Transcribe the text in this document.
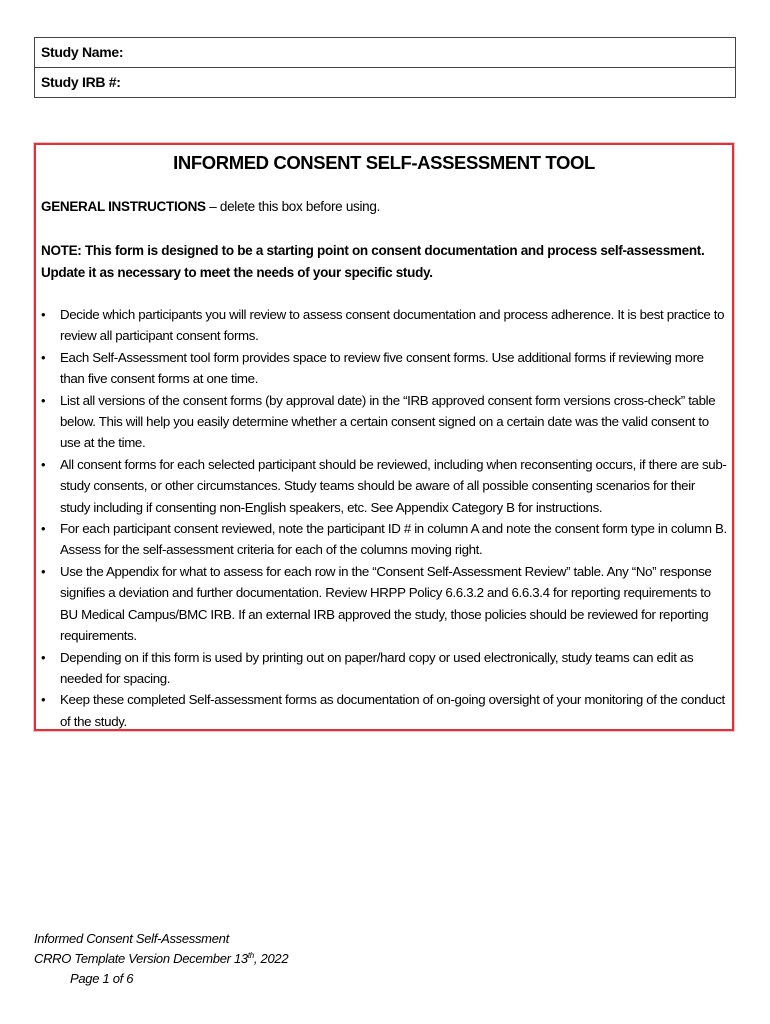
Study Name:
Study IRB #:
INFORMED CONSENT SELF-ASSESSMENT TOOL
GENERAL INSTRUCTIONS – delete this box before using.
NOTE: This form is designed to be a starting point on consent documentation and process self-assessment. Update it as necessary to meet the needs of your specific study.
• Decide which participants you will review to assess consent documentation and process adherence. It is best practice to review all participant consent forms.
• Each Self-Assessment tool form provides space to review five consent forms. Use additional forms if reviewing more than five consent forms at one time.
• List all versions of the consent forms (by approval date) in the “IRB approved consent form versions cross-check” table below. This will help you easily determine whether a certain consent signed on a certain date was the valid consent to use at the time.
• All consent forms for each selected participant should be reviewed, including when reconsenting occurs, if there are sub-study consents, or other circumstances. Study teams should be aware of all possible consenting scenarios for their study including if consenting non-English speakers, etc. See Appendix Category B for instructions.
• For each participant consent reviewed, note the participant ID # in column A and note the consent form type in column B. Assess for the self-assessment criteria for each of the columns moving right.
• Use the Appendix for what to assess for each row in the “Consent Self-Assessment Review” table. Any “No” response signifies a deviation and further documentation. Review HRPP Policy 6.6.3.2 and 6.6.3.4 for reporting requirements to BU Medical Campus/BMC IRB. If an external IRB approved the study, those policies should be reviewed for reporting requirements.
• Depending on if this form is used by printing out on paper/hard copy or used electronically, study teams can edit as needed for spacing.
• Keep these completed Self-assessment forms as documentation of on-going oversight of your monitoring of the conduct of the study.
Informed Consent Self-Assessment
CRRO Template Version December 13th, 2022
Page 1 of 6
